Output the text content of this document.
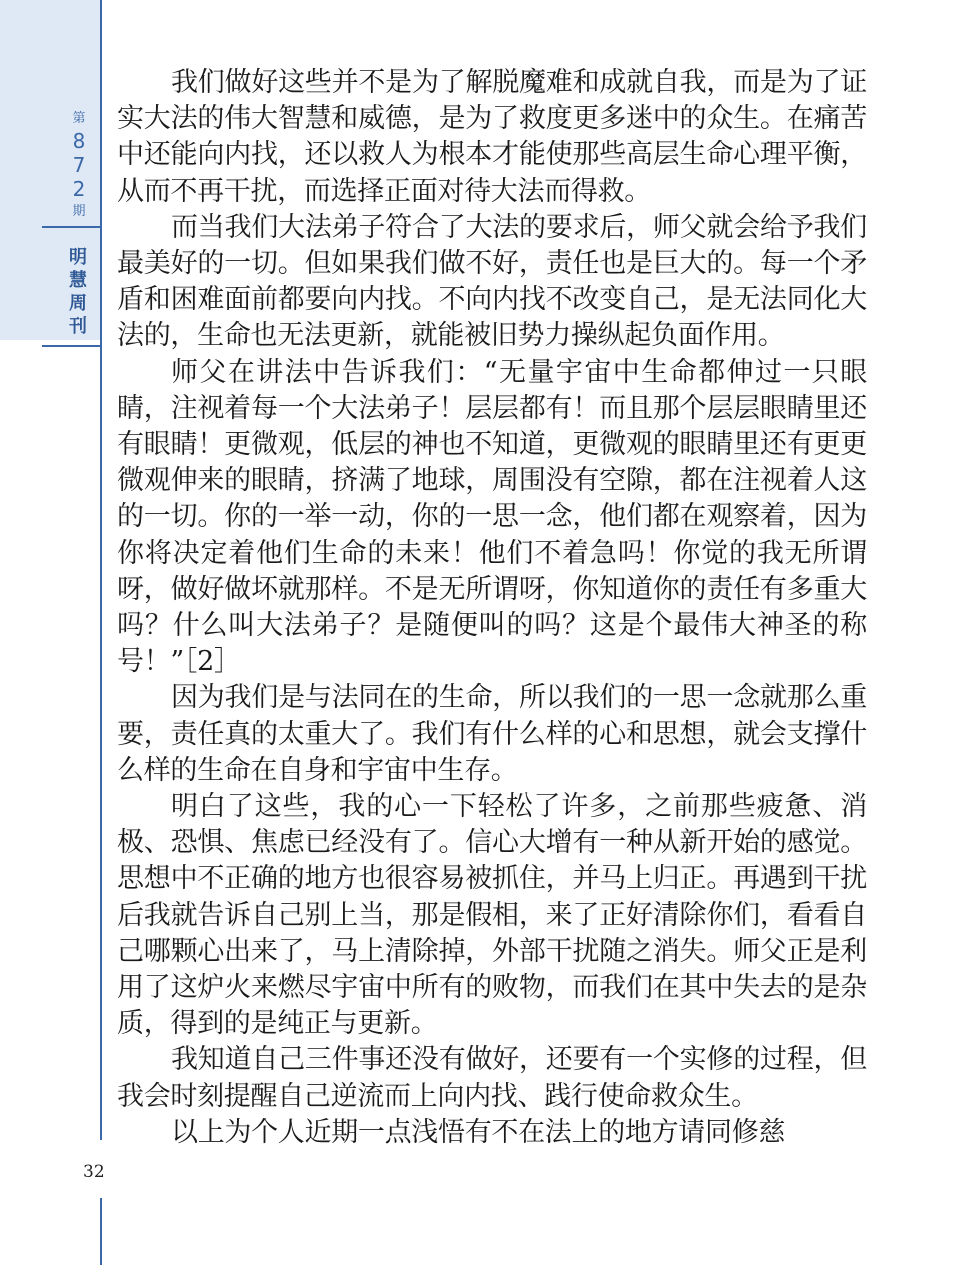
第
8
7
2
期
明
慧
周
刊
32

我们做好这些并不是为了解脱魔难和成就自我，而是为了证实大法的伟大智慧和威德，是为了救度更多迷中的众生。在痛苦中还能向内找，还以救人为根本才能使那些高层生命心理平衡，从而不再干扰，而选择正面对待大法而得救。

而当我们大法弟子符合了大法的要求后，师父就会给予我们最美好的一切。但如果我们做不好，责任也是巨大的。每一个矛盾和困难面前都要向内找。不向内找不改变自己，是无法同化大法的，生命也无法更新，就能被旧势力操纵起负面作用。

师父在讲法中告诉我们：“无量宇宙中生命都伸过一只眼睛，注视着每一个大法弟子！层层都有！而且那个层层眼睛里还有眼睛！更微观，低层的神也不知道，更微观的眼睛里还有更更微观伸来的眼睛，挤满了地球，周围没有空隙，都在注视着人这的一切。你的一举一动，你的一思一念，他们都在观察着，因为你将决定着他们生命的未来！他们不着急吗！你觉的我无所谓呀，做好做坏就那样。不是无所谓呀，你知道你的责任有多重大吗？什么叫大法弟子？是随便叫的吗？这是个最伟大神圣的称号！”［2］

因为我们是与法同在的生命，所以我们的一思一念就那么重要，责任真的太重大了。我们有什么样的心和思想，就会支撑什么样的生命在自身和宇宙中生存。

明白了这些，我的心一下轻松了许多，之前那些疲惫、消极、恐惧、焦虑已经没有了。信心大增有一种从新开始的感觉。思想中不正确的地方也很容易被抓住，并马上归正。再遇到干扰后我就告诉自己别上当，那是假相，来了正好清除你们，看看自己哪颗心出来了，马上清除掉，外部干扰随之消失。师父正是利用了这炉火来燃尽宇宙中所有的败物，而我们在其中失去的是杂质，得到的是纯正与更新。

我知道自己三件事还没有做好，还要有一个实修的过程，但我会时刻提醒自己逆流而上向内找、践行使命救众生。

以上为个人近期一点浅悟有不在法上的地方请同修慈
